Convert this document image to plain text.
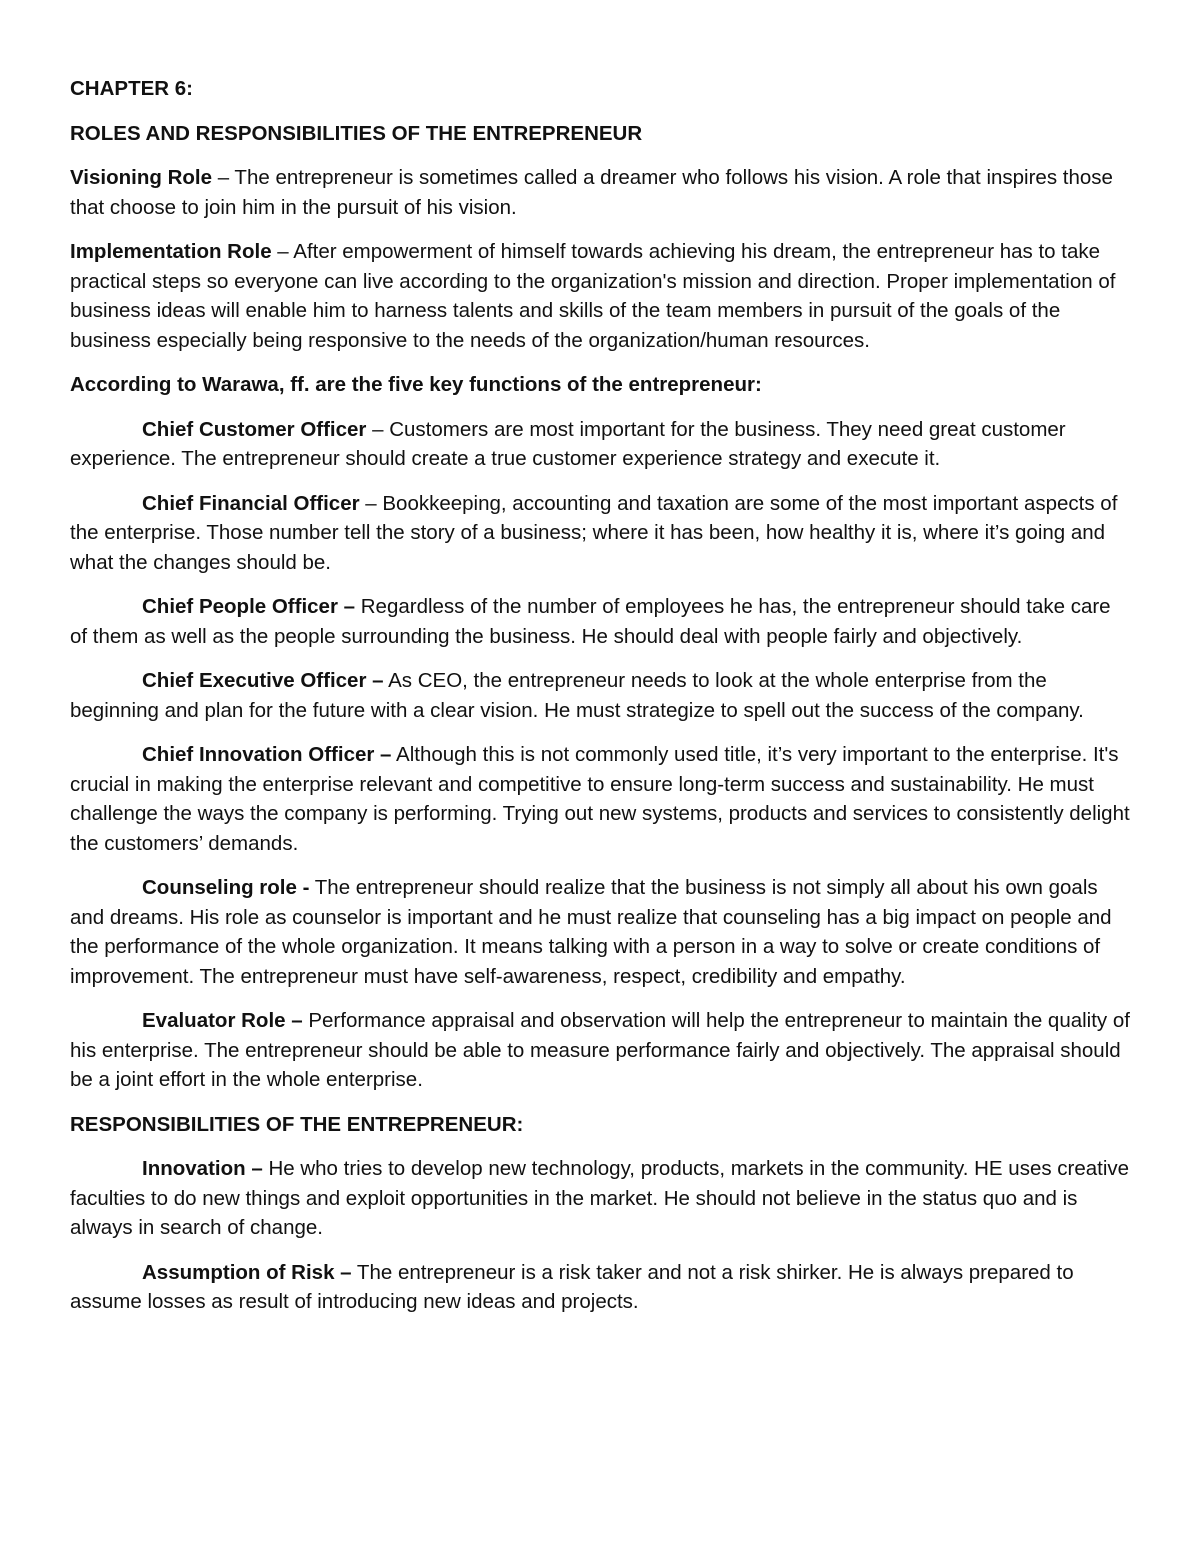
CHAPTER 6:
ROLES AND RESPONSIBILITIES OF THE ENTREPRENEUR

Visioning Role – The entrepreneur is sometimes called a dreamer who follows his vision. A role that inspires those that choose to join him in the pursuit of his vision.

Implementation Role – After empowerment of himself towards achieving his dream, the entrepreneur has to take practical steps so everyone can live according to the organization's mission and direction. Proper implementation of business ideas will enable him to harness talents and skills of the team members in pursuit of the goals of the business especially being responsive to the needs of the organization/human resources.

According to Warawa, ff. are the five key functions of the entrepreneur:

Chief Customer Officer – Customers are most important for the business. They need great customer experience. The entrepreneur should create a true customer experience strategy and execute it.

Chief Financial Officer – Bookkeeping, accounting and taxation are some of the most important aspects of the enterprise. Those number tell the story of a business; where it has been, how healthy it is, where it’s going and what the changes should be.

Chief People Officer – Regardless of the number of employees he has, the entrepreneur should take care of them as well as the people surrounding the business. He should deal with people fairly and objectively.

Chief Executive Officer – As CEO, the entrepreneur needs to look at the whole enterprise from the beginning and plan for the future with a clear vision. He must strategize to spell out the success of the company.

Chief Innovation Officer – Although this is not commonly used title, it’s very important to the enterprise. It's crucial in making the enterprise relevant and competitive to ensure long-term success and sustainability. He must challenge the ways the company is performing. Trying out new systems, products and services to consistently delight the customers’ demands.

Counseling role - The entrepreneur should realize that the business is not simply all about his own goals and dreams. His role as counselor is important and he must realize that counseling has a big impact on people and the performance of the whole organization. It means talking with a person in a way to solve or create conditions of improvement. The entrepreneur must have self-awareness, respect, credibility and empathy.

Evaluator Role – Performance appraisal and observation will help the entrepreneur to maintain the quality of his enterprise. The entrepreneur should be able to measure performance fairly and objectively. The appraisal should be a joint effort in the whole enterprise.

RESPONSIBILITIES OF THE ENTREPRENEUR:

Innovation – He who tries to develop new technology, products, markets in the community. HE uses creative faculties to do new things and exploit opportunities in the market. He should not believe in the status quo and is always in search of change.

Assumption of Risk – The entrepreneur is a risk taker and not a risk shirker. He is always prepared to assume losses as result of introducing new ideas and projects.
